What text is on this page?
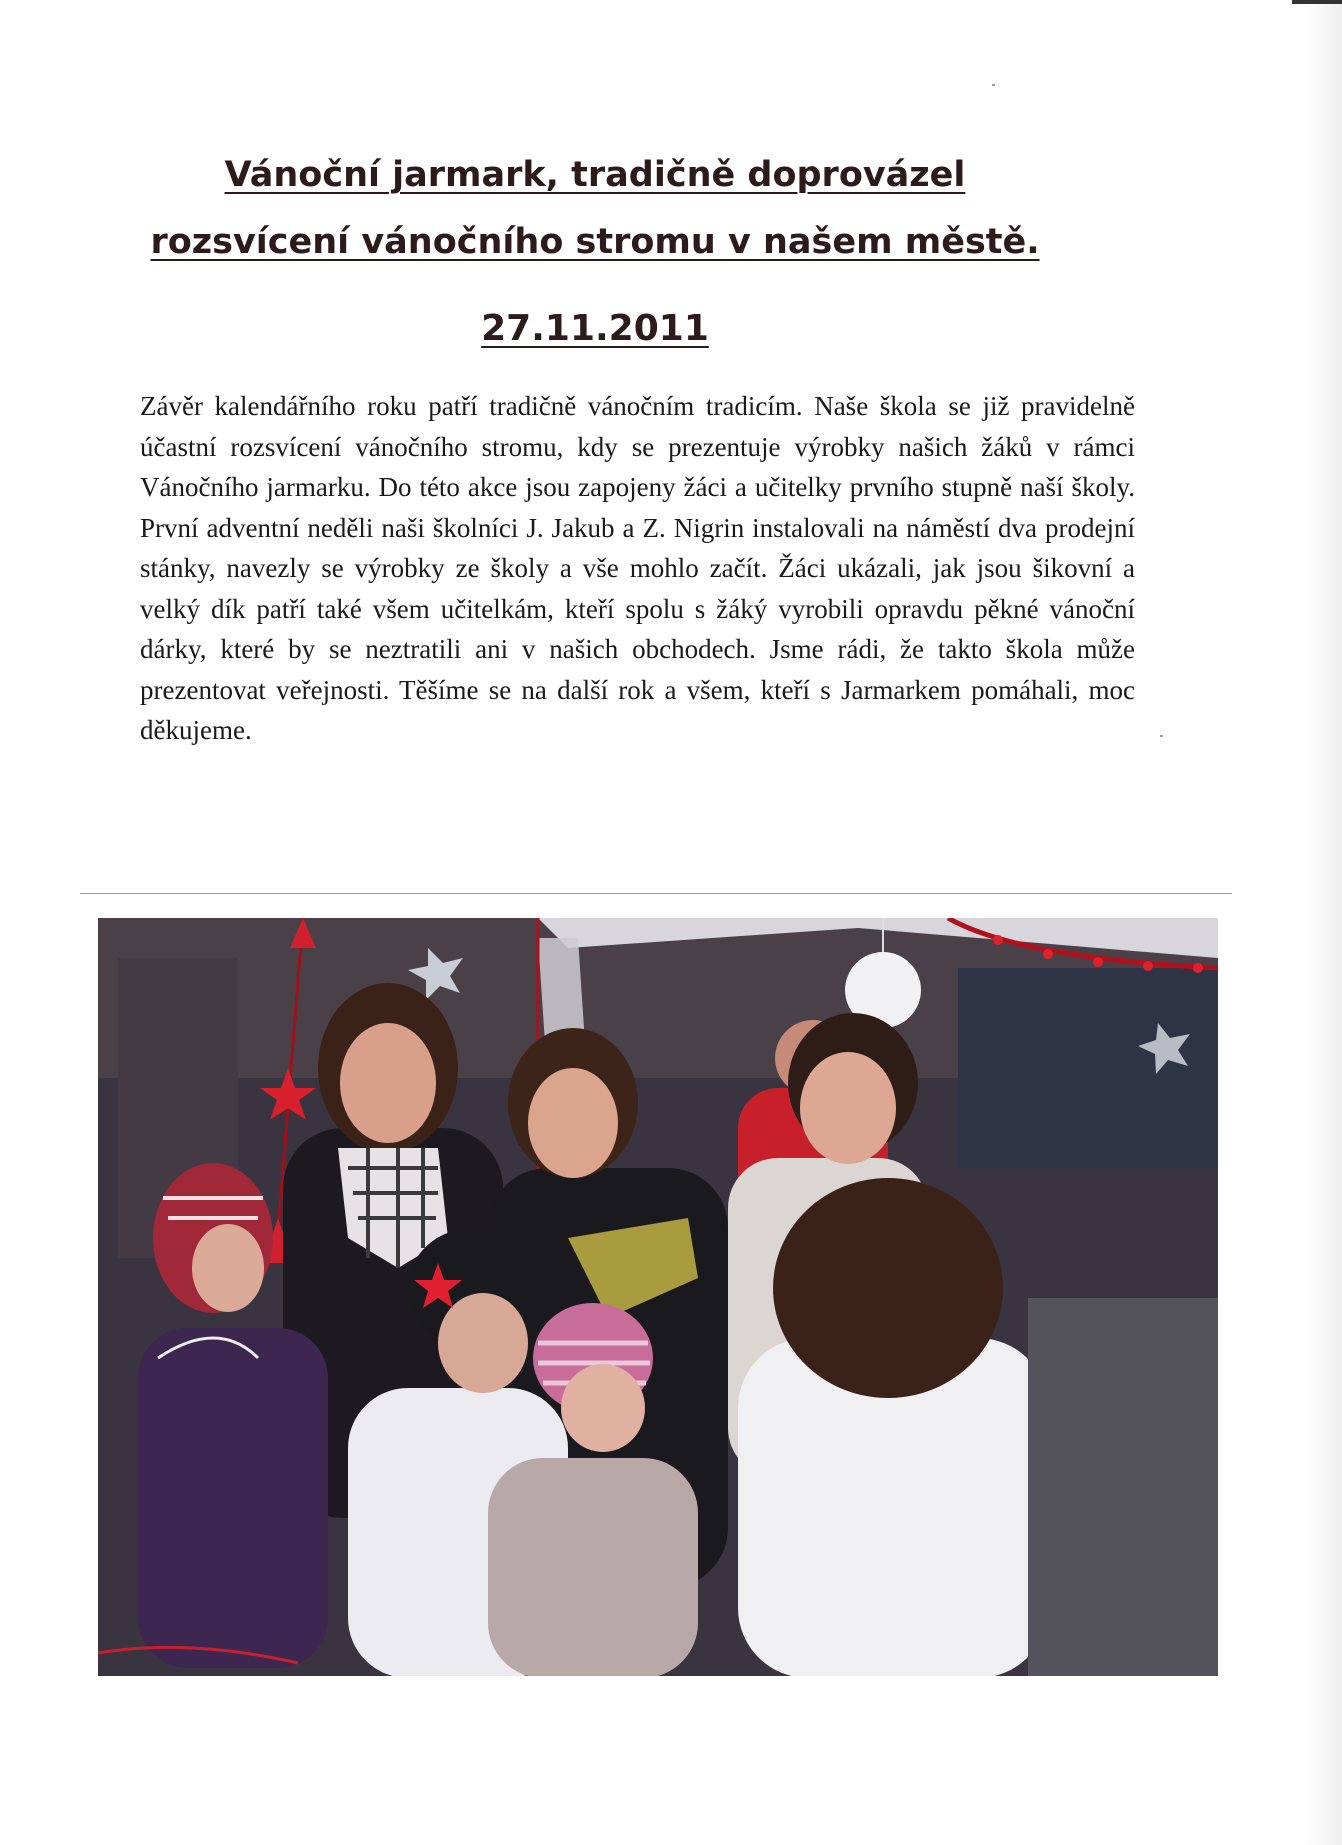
Vánoční jarmark, tradičně doprovázel
rozsvícení vánočního stromu v našem městě.
27.11.2011

Závěr kalendářního roku patří tradičně vánočním tradicím. Naše škola se již pravidelně účastní rozsvícení vánočního stromu, kdy se prezentuje výrobky našich žáků v rámci Vánočního jarmarku. Do této akce jsou zapojeny žáci a učitelky prvního stupně naší školy. První adventní neděli naši školníci J. Jakub a Z. Nigrin instalovali na náměstí dva prodejní stánky, navezly se výrobky ze školy a vše mohlo začít. Žáci ukázali, jak jsou šikovní a velký dík patří také všem učitelkám, kteří spolu s žáký vyrobili opravdu pěkné vánoční dárky, které by se neztratili ani v našich obchodech. Jsme rádi, že takto škola může prezentovat veřejnosti. Těšíme se na další rok a všem, kteří s Jarmarkem pomáhali, moc děkujeme.
